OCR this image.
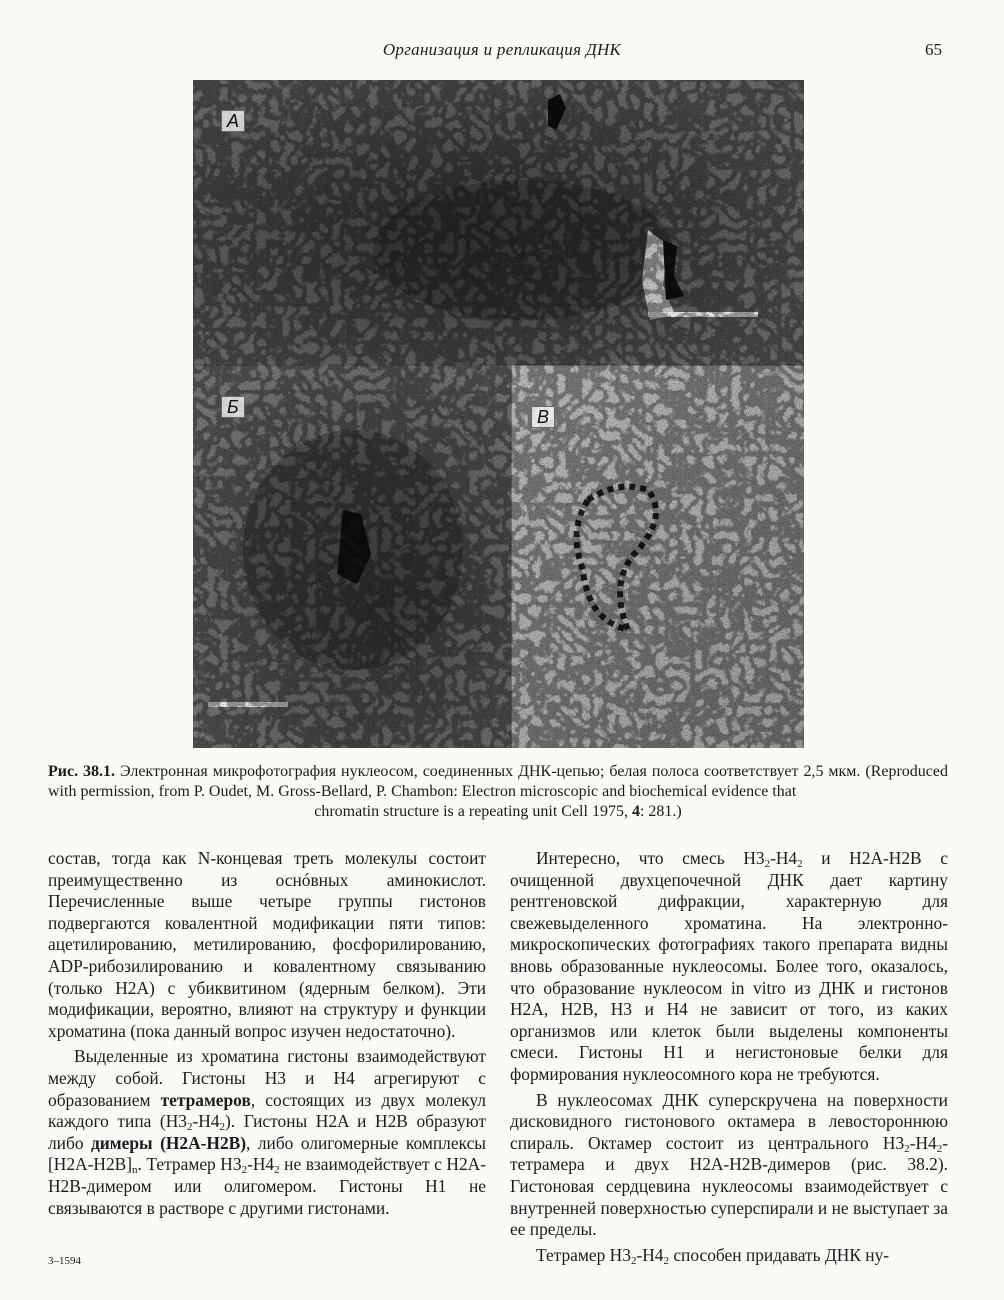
Организация и репликация ДНК	65
А
Б	В
Рис. 38.1. Электронная микрофотография нуклеосом, соединенных ДНК-цепью; белая полоса соответствует 2,5 мкм. (Reproduced with permission, from P. Oudet, M. Gross-Bellard, P. Chambon: Electron microscopic and biochemical evidence that
chromatin structure is a repeating unit Cell 1975, 4: 281.)

состав, тогда как N-концевая треть молекулы состоит преимущественно из оснóвных аминокислот. Перечисленные выше четыре группы гистонов подвергаются ковалентной модификации пяти типов: ацетилированию, метилированию, фосфорилированию, ADP-рибозилированию и ковалентному связыванию (только H2A) с убиквитином (ядерным белком). Эти модификации, вероятно, влияют на структуру и функции хроматина (пока данный вопрос изучен недостаточно).

Выделенные из хроматина гистоны взаимодействуют между собой. Гистоны H3 и H4 агрегируют с образованием тетрамеров, состоящих из двух молекул каждого типа $(H3_2-H4_2)$. Гистоны H2A и H2B образуют либо димеры (H2A-H2B), либо олигомерные комплексы $[H2A-H2B]_n$. Тетрамер $H3_2-H4_2$ не взаимодействует с H2A-H2B-димером или олигомером. Гистоны H1 не связываются в растворе с другими гистонами.

Интересно, что смесь $H3_2-H4_2$ и H2A-H2B с очищенной двухцепочечной ДНК дает картину рентгеновской дифракции, характерную для свежевыделенного хроматина. На электронно-микроскопических фотографиях такого препарата видны вновь образованные нуклеосомы. Более того, оказалось, что образование нуклеосом in vitro из ДНК и гистонов H2A, H2B, H3 и H4 не зависит от того, из каких организмов или клеток были выделены компоненты смеси. Гистоны H1 и негистоновые белки для формирования нуклеосомного кора не требуются.

В нуклеосомах ДНК суперскручена на поверхности дисковидного гистонового октамера в левостороннюю спираль. Октамер состоит из центрального $H3_2-H4_2$-тетрамера и двух H2A-H2B-димеров (рис. 38.2). Гистоновая сердцевина нуклеосомы взаимодействует с внутренней поверхностью суперспирали и не выступает за ее пределы.

Тетрамер $H3_2-H4_2$ способен придавать ДНК ну-

3–1594
